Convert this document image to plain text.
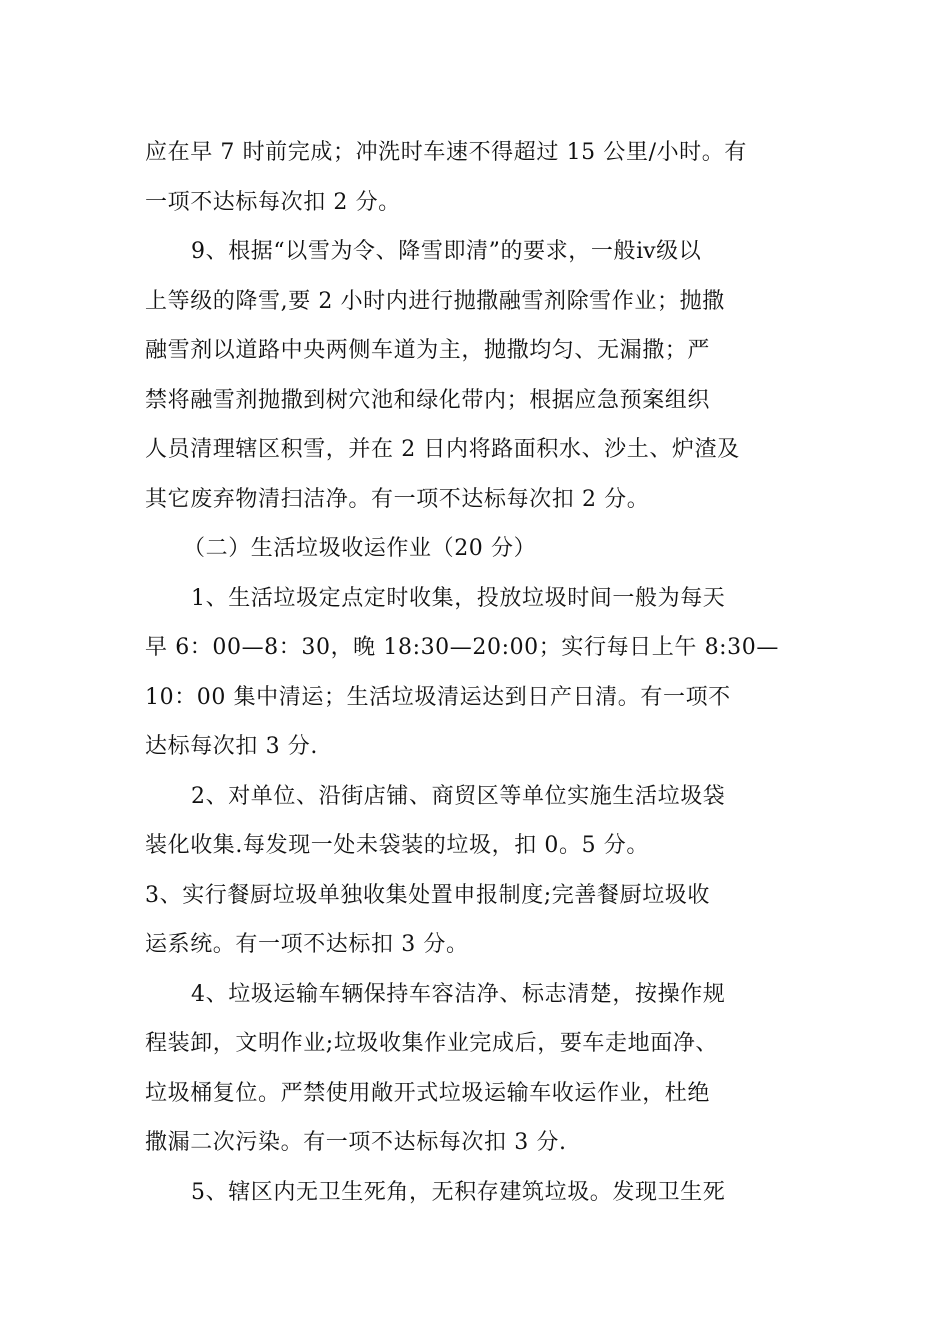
应在早 7 时前完成；冲洗时车速不得超过 15 公里/小时。有
一项不达标每次扣 2 分。
9、根据“以雪为令、降雪即清”的要求，一般ⅳ级以
上等级的降雪,要 2 小时内进行抛撒融雪剂除雪作业；抛撒
融雪剂以道路中央两侧车道为主，抛撒均匀、无漏撒；严
禁将融雪剂抛撒到树穴池和绿化带内；根据应急预案组织
人员清理辖区积雪，并在 2 日内将路面积水、沙土、炉渣及
其它废弃物清扫洁净。有一项不达标每次扣 2 分。
（二）生活垃圾收运作业（20 分）
1、生活垃圾定点定时收集，投放垃圾时间一般为每天
早 6：00—8：30，晚 18:30—20:00；实行每日上午 8:30—
10：00 集中清运；生活垃圾清运达到日产日清。有一项不
达标每次扣 3 分.
2、对单位、沿街店铺、商贸区等单位实施生活垃圾袋
装化收集.每发现一处未袋装的垃圾，扣 0。5 分。
3、实行餐厨垃圾单独收集处置申报制度;完善餐厨垃圾收
运系统。有一项不达标扣 3 分。
4、垃圾运输车辆保持车容洁净、标志清楚，按操作规
程装卸，文明作业;垃圾收集作业完成后，要车走地面净、
垃圾桶复位。严禁使用敞开式垃圾运输车收运作业，杜绝
撒漏二次污染。有一项不达标每次扣 3 分.
5、辖区内无卫生死角，无积存建筑垃圾。发现卫生死
